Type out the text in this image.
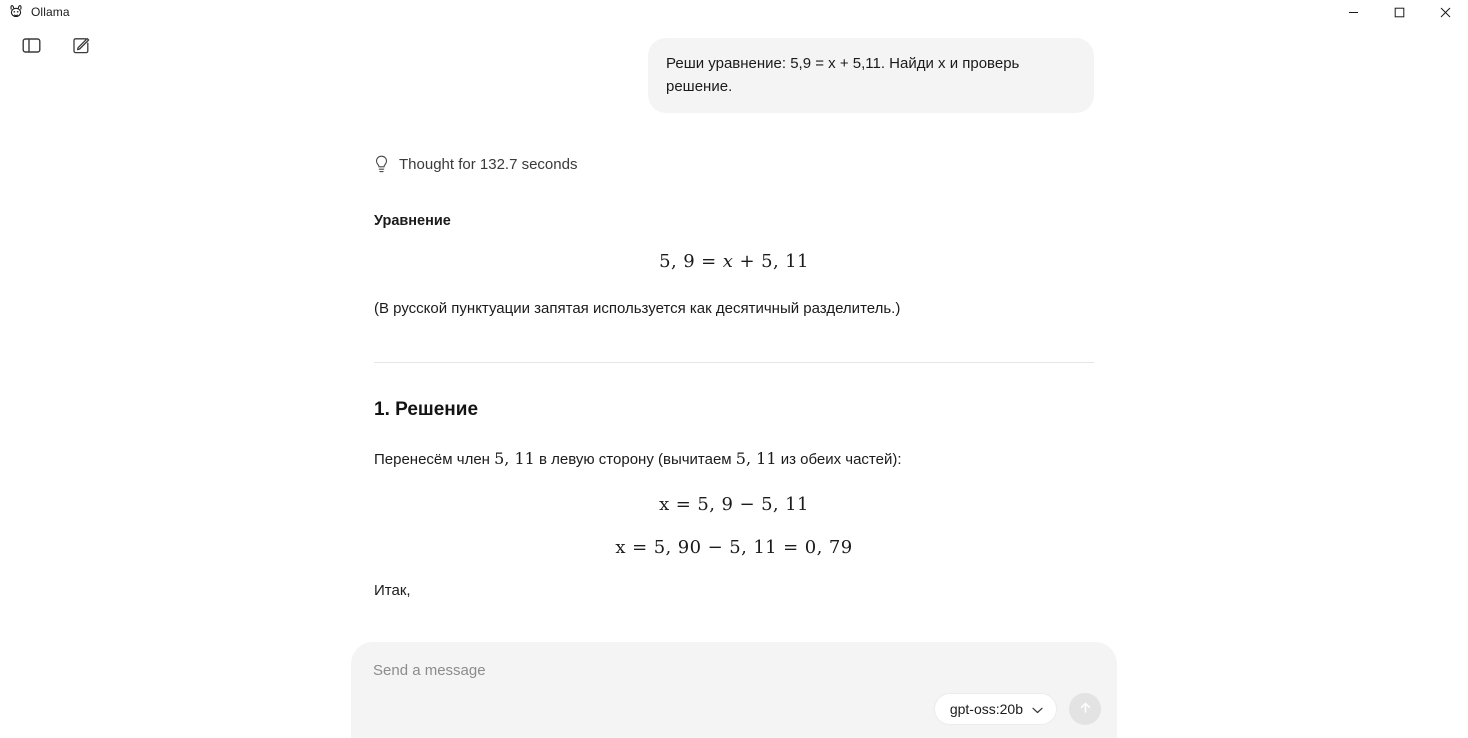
Ollama
Реши уравнение: 5,9 = x + 5,11. Найди x и проверь решение.
Thought for 132.7 seconds
Уравнение
5, 9 = x + 5, 11
(В русской пунктуации запятая используется как десятичный разделитель.)
1. Решение
Перенесём член 5, 11 в левую сторону (вычитаем 5, 11 из обеих частей):
x = 5, 9 − 5, 11
x = 5, 90 − 5, 11 = 0, 79
Итак,
Send a message
gpt-oss:20b
